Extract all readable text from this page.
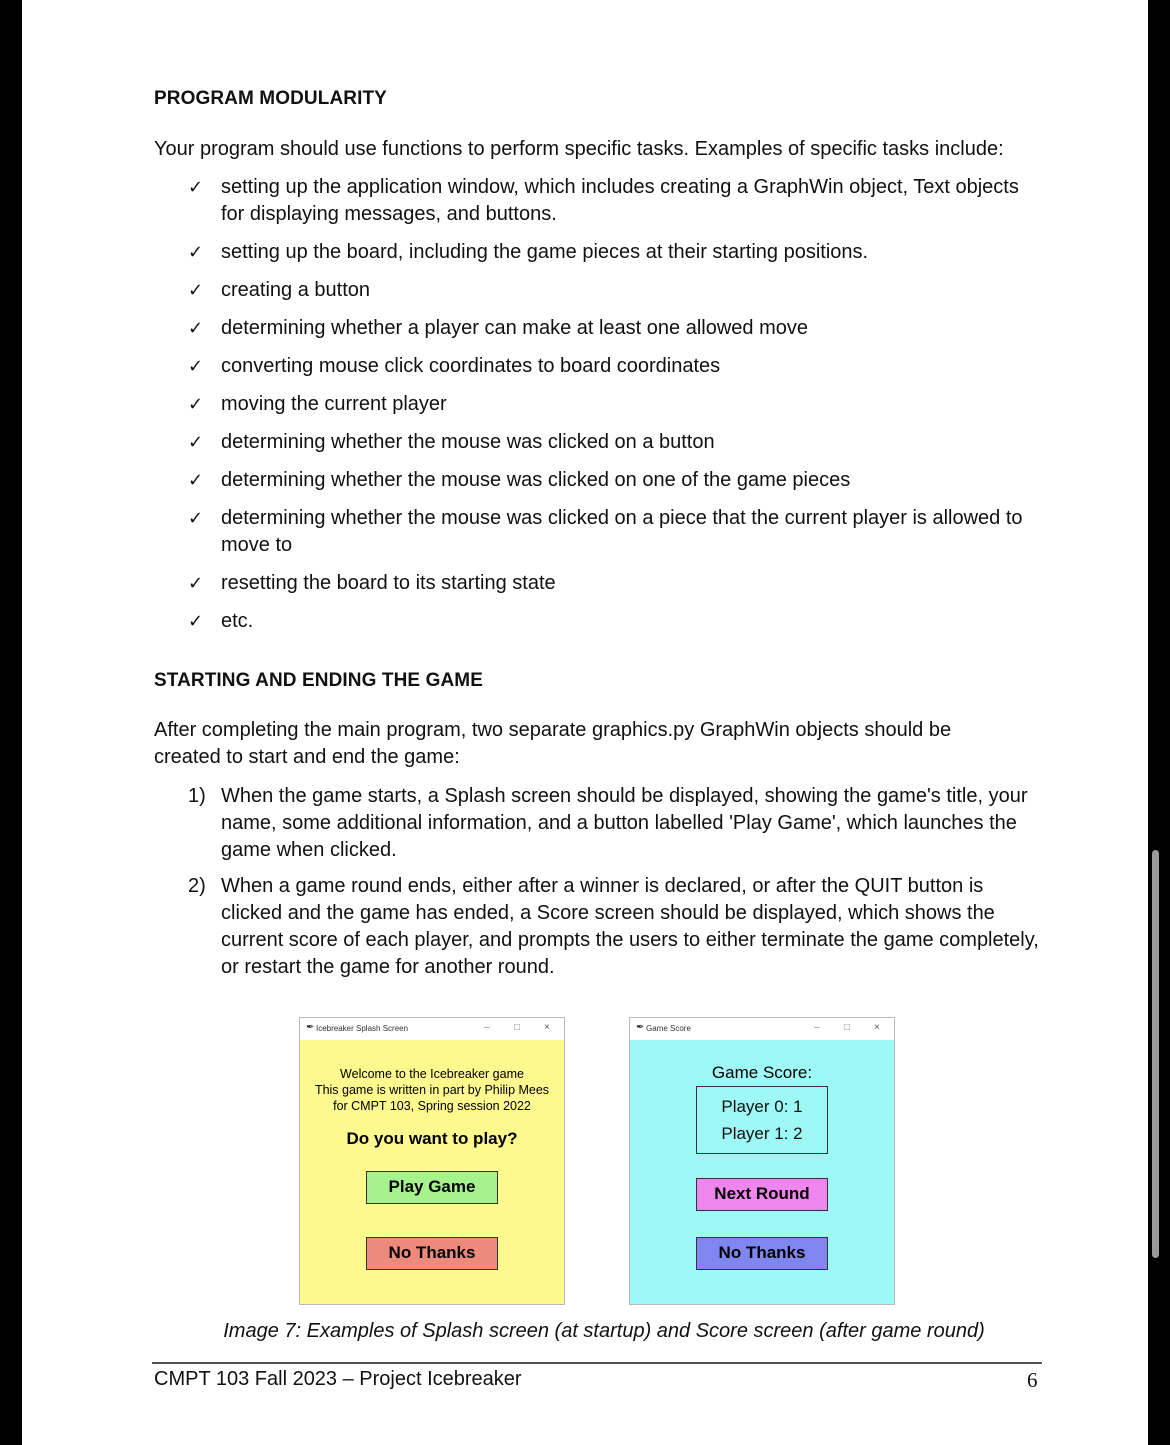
PROGRAM MODULARITY
Your program should use functions to perform specific tasks. Examples of specific tasks include:
✓ setting up the application window, which includes creating a GraphWin object, Text objects for displaying messages, and buttons.
✓ setting up the board, including the game pieces at their starting positions.
✓ creating a button
✓ determining whether a player can make at least one allowed move
✓ converting mouse click coordinates to board coordinates
✓ moving the current player
✓ determining whether the mouse was clicked on a button
✓ determining whether the mouse was clicked on one of the game pieces
✓ determining whether the mouse was clicked on a piece that the current player is allowed to move to
✓ resetting the board to its starting state
✓ etc.
STARTING AND ENDING THE GAME
After completing the main program, two separate graphics.py GraphWin objects should be created to start and end the game:
1) When the game starts, a Splash screen should be displayed, showing the game's title, your name, some additional information, and a button labelled 'Play Game', which launches the game when clicked.
2) When a game round ends, either after a winner is declared, or after the QUIT button is clicked and the game has ended, a Score screen should be displayed, which shows the current score of each player, and prompts the users to either terminate the game completely, or restart the game for another round.
✒ Icebreaker Splash Screen	– □ ×
Welcome to the Icebreaker game
This game is written in part by Philip Mees
for CMPT 103, Spring session 2022
Do you want to play?
Play Game
No Thanks
✒ Game Score	– □ ×
Game Score:
Player 0: 1
Player 1: 2
Next Round
No Thanks
Image 7: Examples of Splash screen (at startup) and Score screen (after game round)
CMPT 103 Fall 2023 – Project Icebreaker	6
